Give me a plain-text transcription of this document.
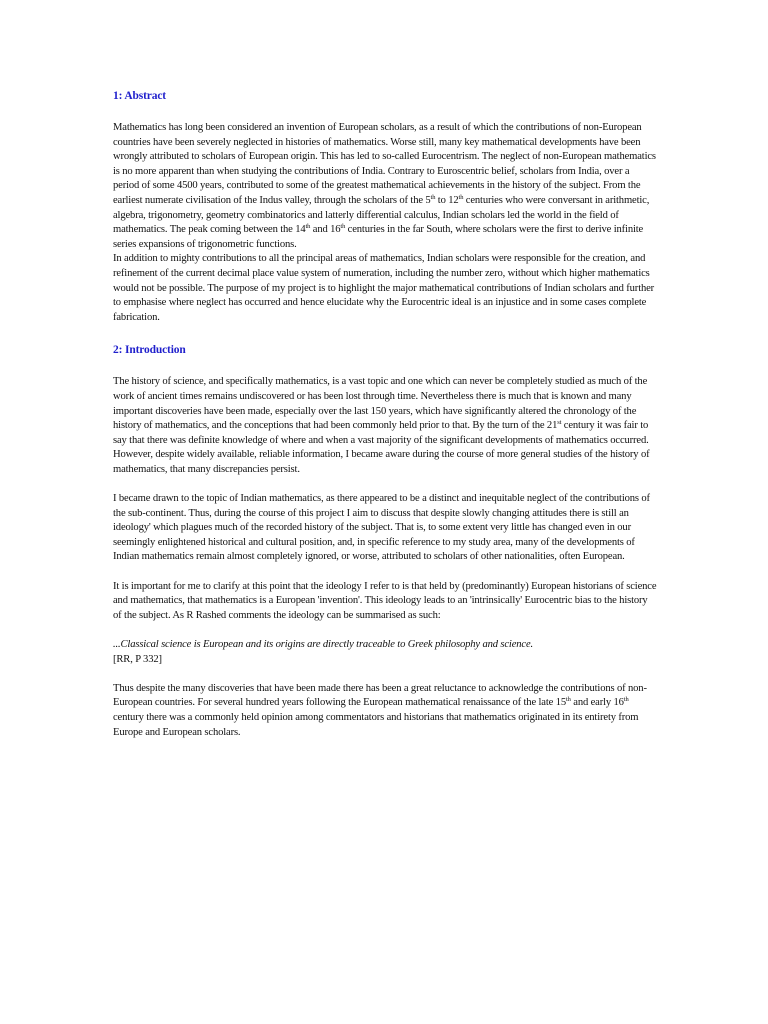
1: Abstract

Mathematics has long been considered an invention of European scholars, as a result of which the contributions of non-European countries have been severely neglected in histories of mathematics. Worse still, many key mathematical developments have been wrongly attributed to scholars of European origin. This has led to so-called Eurocentrism. The neglect of non-European mathematics is no more apparent than when studying the contributions of India. Contrary to Euroscentric belief, scholars from India, over a period of some 4500 years, contributed to some of the greatest mathematical achievements in the history of the subject. From the earliest numerate civilisation of the Indus valley, through the scholars of the 5th to 12th centuries who were conversant in arithmetic, algebra, trigonometry, geometry combinatorics and latterly differential calculus, Indian scholars led the world in the field of mathematics. The peak coming between the 14th and 16th centuries in the far South, where scholars were the first to derive infinite series expansions of trigonometric functions.

In addition to mighty contributions to all the principal areas of mathematics, Indian scholars were responsible for the creation, and refinement of the current decimal place value system of numeration, including the number zero, without which higher mathematics would not be possible. The purpose of my project is to highlight the major mathematical contributions of Indian scholars and further to emphasise where neglect has occurred and hence elucidate why the Eurocentric ideal is an injustice and in some cases complete fabrication.

2: Introduction

The history of science, and specifically mathematics, is a vast topic and one which can never be completely studied as much of the work of ancient times remains undiscovered or has been lost through time. Nevertheless there is much that is known and many important discoveries have been made, especially over the last 150 years, which have significantly altered the chronology of the history of mathematics, and the conceptions that had been commonly held prior to that. By the turn of the 21st century it was fair to say that there was definite knowledge of where and when a vast majority of the significant developments of mathematics occurred. However, despite widely available, reliable information, I became aware during the course of more general studies of the history of mathematics, that many discrepancies persist.

I became drawn to the topic of Indian mathematics, as there appeared to be a distinct and inequitable neglect of the contributions of the sub-continent. Thus, during the course of this project I aim to discuss that despite slowly changing attitudes there is still an ideology' which plagues much of the recorded history of the subject. That is, to some extent very little has changed even in our seemingly enlightened historical and cultural position, and, in specific reference to my study area, many of the developments of Indian mathematics remain almost completely ignored, or worse, attributed to scholars of other nationalities, often European.

It is important for me to clarify at this point that the ideology I refer to is that held by (predominantly) European historians of science and mathematics, that mathematics is a European 'invention'. This ideology leads to an 'intrinsically' Eurocentric bias to the history of the subject. As R Rashed comments the ideology can be summarised as such:

...Classical science is European and its origins are directly traceable to Greek philosophy and science.
[RR, P 332]

Thus despite the many discoveries that have been made there has been a great reluctance to acknowledge the contributions of non-European countries. For several hundred years following the European mathematical renaissance of the late 15th and early 16th century there was a commonly held opinion among commentators and historians that mathematics originated in its entirety from Europe and European scholars.
